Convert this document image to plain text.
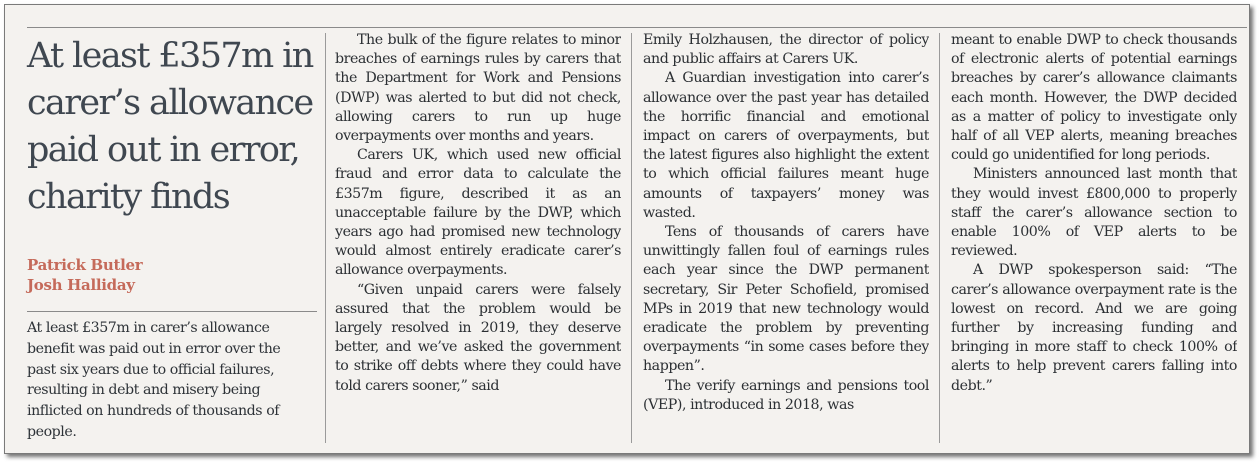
At least £357m in carer’s allowance paid out in error, charity finds
Patrick Butler
Josh Halliday

At least £357m in carer’s allowance benefit was paid out in error over the past six years due to official failures, resulting in debt and misery being inflicted on hundreds of thousands of people.

The bulk of the figure relates to minor breaches of earnings rules by carers that the Department for Work and Pensions (DWP) was alerted to but did not check, allowing carers to run up huge overpayments over months and years.

Carers UK, which used new official fraud and error data to calculate the £357m figure, described it as an unacceptable failure by the DWP, which years ago had promised new technology would almost entirely eradicate carer’s allowance overpayments.

“Given unpaid carers were falsely assured that the problem would be largely resolved in 2019, they deserve better, and we’ve asked the government to strike off debts where they could have told carers sooner,” said

Emily Holzhausen, the director of policy and public affairs at Carers UK.

A Guardian investigation into carer’s allowance over the past year has detailed the horrific financial and emotional impact on carers of overpayments, but the latest figures also highlight the extent to which official failures meant huge amounts of taxpayers’ money was wasted.

Tens of thousands of carers have unwittingly fallen foul of earnings rules each year since the DWP permanent secretary, Sir Peter Schofield, promised MPs in 2019 that new technology would eradicate the problem by preventing overpayments “in some cases before they happen”.

The verify earnings and pensions tool (VEP), introduced in 2018, was

meant to enable DWP to check thousands of electronic alerts of potential earnings breaches by carer’s allowance claimants each month. However, the DWP decided as a matter of policy to investigate only half of all VEP alerts, meaning breaches could go unidentified for long periods.

Ministers announced last month that they would invest £800,000 to properly staff the carer’s allowance section to enable 100% of VEP alerts to be reviewed.

A DWP spokesperson said: “The carer’s allowance overpayment rate is the lowest on record. And we are going further by increasing funding and bringing in more staff to check 100% of alerts to help prevent carers falling into debt.”
